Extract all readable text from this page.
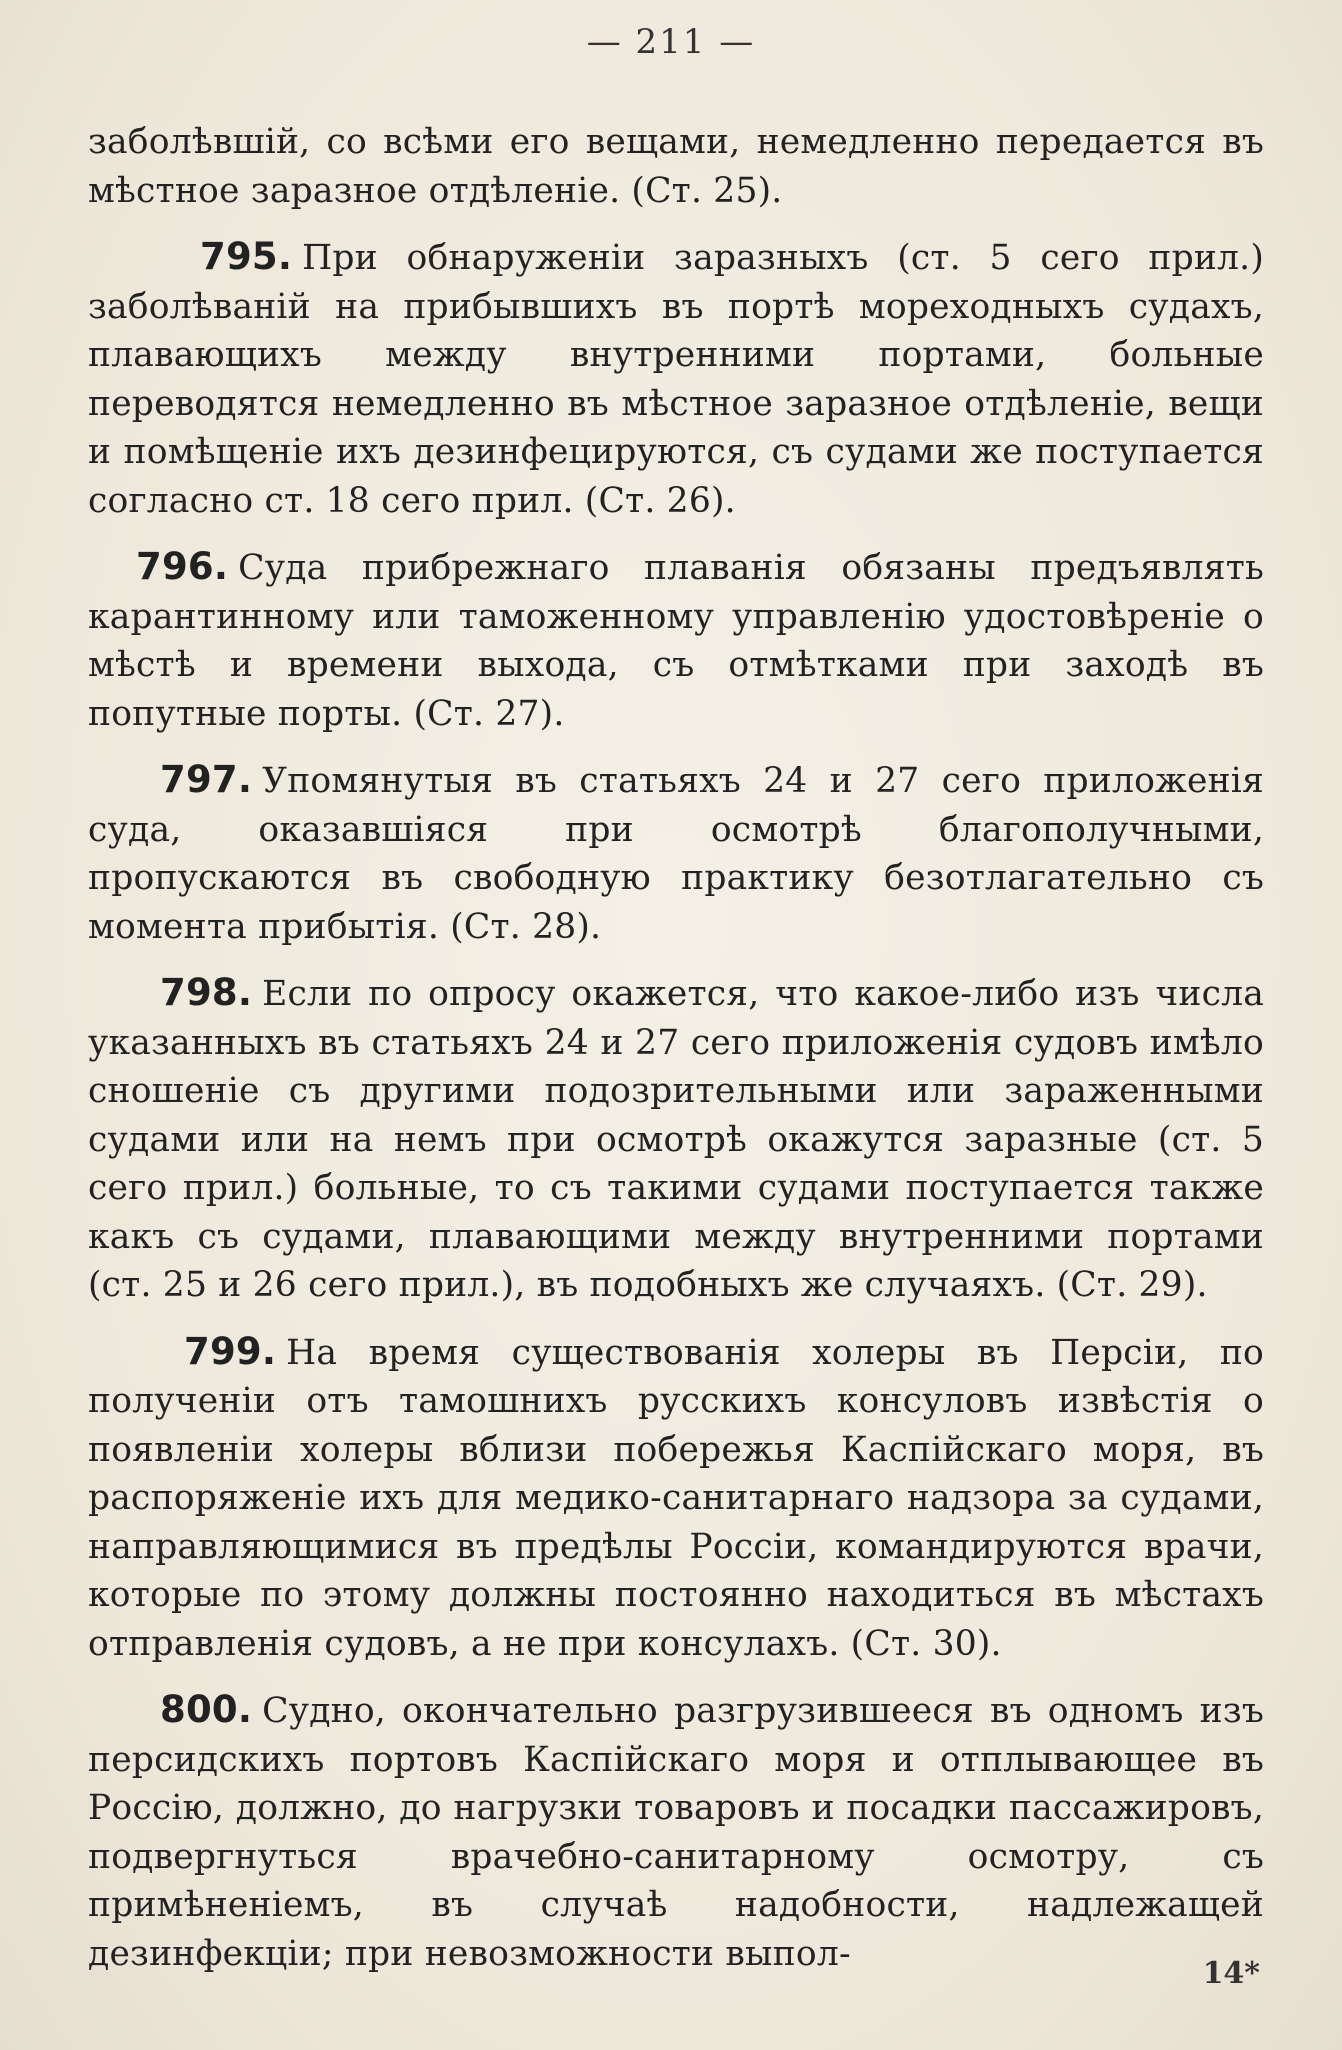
— 211 —

заболѣвшій, со всѣми его вещами, немедленно передается въ мѣстное заразное отдѣленіе. (Ст. 25).

795. При обнаруженіи заразныхъ (ст. 5 сего прил.) заболѣваній на прибывшихъ въ портѣ мореходныхъ судахъ, плавающихъ между внутренними портами, больные переводятся немедленно въ мѣстное заразное отдѣленіе, вещи и помѣщеніе ихъ дезинфецируются, съ судами же поступается согласно ст. 18 сего прил. (Ст. 26).

796. Суда прибрежнаго плаванія обязаны предъявлять карантинному или таможенному управленію удостовѣреніе о мѣстѣ и времени выхода, съ отмѣтками при заходѣ въ попутные порты. (Ст. 27).

797. Упомянутыя въ статьяхъ 24 и 27 сего приложенія суда, оказавшіяся при осмотрѣ благополучными, пропускаются въ свободную практику безотлагательно съ момента прибытія. (Ст. 28).

798. Если по опросу окажется, что какое-либо изъ числа указанныхъ въ статьяхъ 24 и 27 сего приложенія судовъ имѣло сношеніе съ другими подозрительными или зараженными судами или на немъ при осмотрѣ окажутся заразные (ст. 5 сего прил.) больные, то съ такими судами поступается также какъ съ судами, плавающими между внутренними портами (ст. 25 и 26 сего прил.), въ подобныхъ же случаяхъ. (Ст. 29).

799. На время существованія холеры въ Персіи, по полученіи отъ тамошнихъ русскихъ консуловъ извѣстія о появленіи холеры вблизи побережья Каспійскаго моря, въ распоряженіе ихъ для медико-санитарнаго надзора за судами, направляющимися въ предѣлы Россіи, командируются врачи, которые по этому должны постоянно находиться въ мѣстахъ отправленія судовъ, а не при консулахъ. (Ст. 30).

800. Судно, окончательно разгрузившееся въ одномъ изъ персидскихъ портовъ Каспійскаго моря и отплывающее въ Россію, должно, до нагрузки товаровъ и посадки пассажировъ, подвергнуться врачебно-санитарному осмотру, съ примѣненіемъ, въ случаѣ надобности, надлежащей дезинфекціи; при невозможности выпол-	14*
